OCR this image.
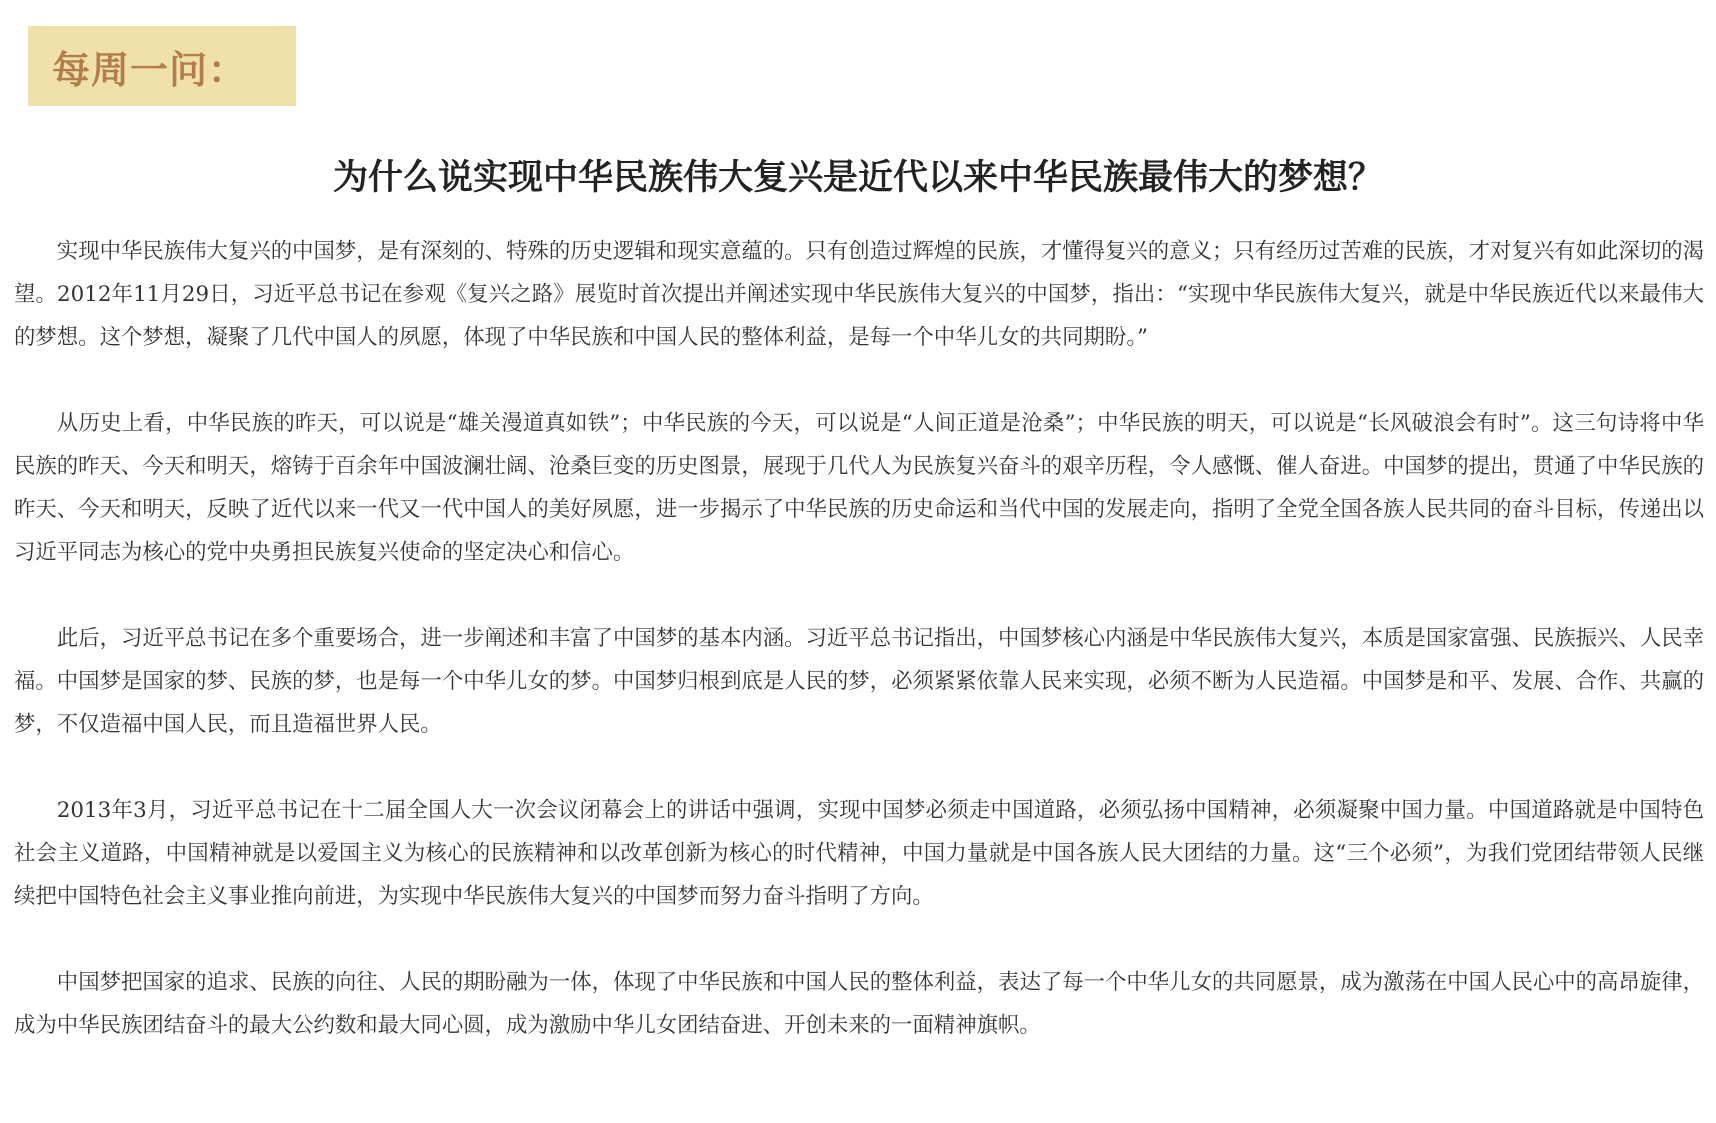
每周一问：
为什么说实现中华民族伟大复兴是近代以来中华民族最伟大的梦想？

实现中华民族伟大复兴的中国梦，是有深刻的、特殊的历史逻辑和现实意蕴的。只有创造过辉煌的民族，才懂得复兴的意义；只有经历过苦难的民族，才对复兴有如此深切的渴望。2012年11月29日，习近平总书记在参观《复兴之路》展览时首次提出并阐述实现中华民族伟大复兴的中国梦，指出：“实现中华民族伟大复兴，就是中华民族近代以来最伟大的梦想。这个梦想，凝聚了几代中国人的夙愿，体现了中华民族和中国人民的整体利益，是每一个中华儿女的共同期盼。”

从历史上看，中华民族的昨天，可以说是“雄关漫道真如铁”；中华民族的今天，可以说是“人间正道是沧桑”；中华民族的明天，可以说是“长风破浪会有时”。这三句诗将中华民族的昨天、今天和明天，熔铸于百余年中国波澜壮阔、沧桑巨变的历史图景，展现于几代人为民族复兴奋斗的艰辛历程，令人感慨、催人奋进。中国梦的提出，贯通了中华民族的昨天、今天和明天，反映了近代以来一代又一代中国人的美好夙愿，进一步揭示了中华民族的历史命运和当代中国的发展走向，指明了全党全国各族人民共同的奋斗目标，传递出以习近平同志为核心的党中央勇担民族复兴使命的坚定决心和信心。

此后，习近平总书记在多个重要场合，进一步阐述和丰富了中国梦的基本内涵。习近平总书记指出，中国梦核心内涵是中华民族伟大复兴，本质是国家富强、民族振兴、人民幸福。中国梦是国家的梦、民族的梦，也是每一个中华儿女的梦。中国梦归根到底是人民的梦，必须紧紧依靠人民来实现，必须不断为人民造福。中国梦是和平、发展、合作、共赢的梦，不仅造福中国人民，而且造福世界人民。

2013年3月，习近平总书记在十二届全国人大一次会议闭幕会上的讲话中强调，实现中国梦必须走中国道路，必须弘扬中国精神，必须凝聚中国力量。中国道路就是中国特色社会主义道路，中国精神就是以爱国主义为核心的民族精神和以改革创新为核心的时代精神，中国力量就是中国各族人民大团结的力量。这“三个必须”，为我们党团结带领人民继续把中国特色社会主义事业推向前进，为实现中华民族伟大复兴的中国梦而努力奋斗指明了方向。

中国梦把国家的追求、民族的向往、人民的期盼融为一体，体现了中华民族和中国人民的整体利益，表达了每一个中华儿女的共同愿景，成为激荡在中国人民心中的高昂旋律，成为中华民族团结奋斗的最大公约数和最大同心圆，成为激励中华儿女团结奋进、开创未来的一面精神旗帜。
